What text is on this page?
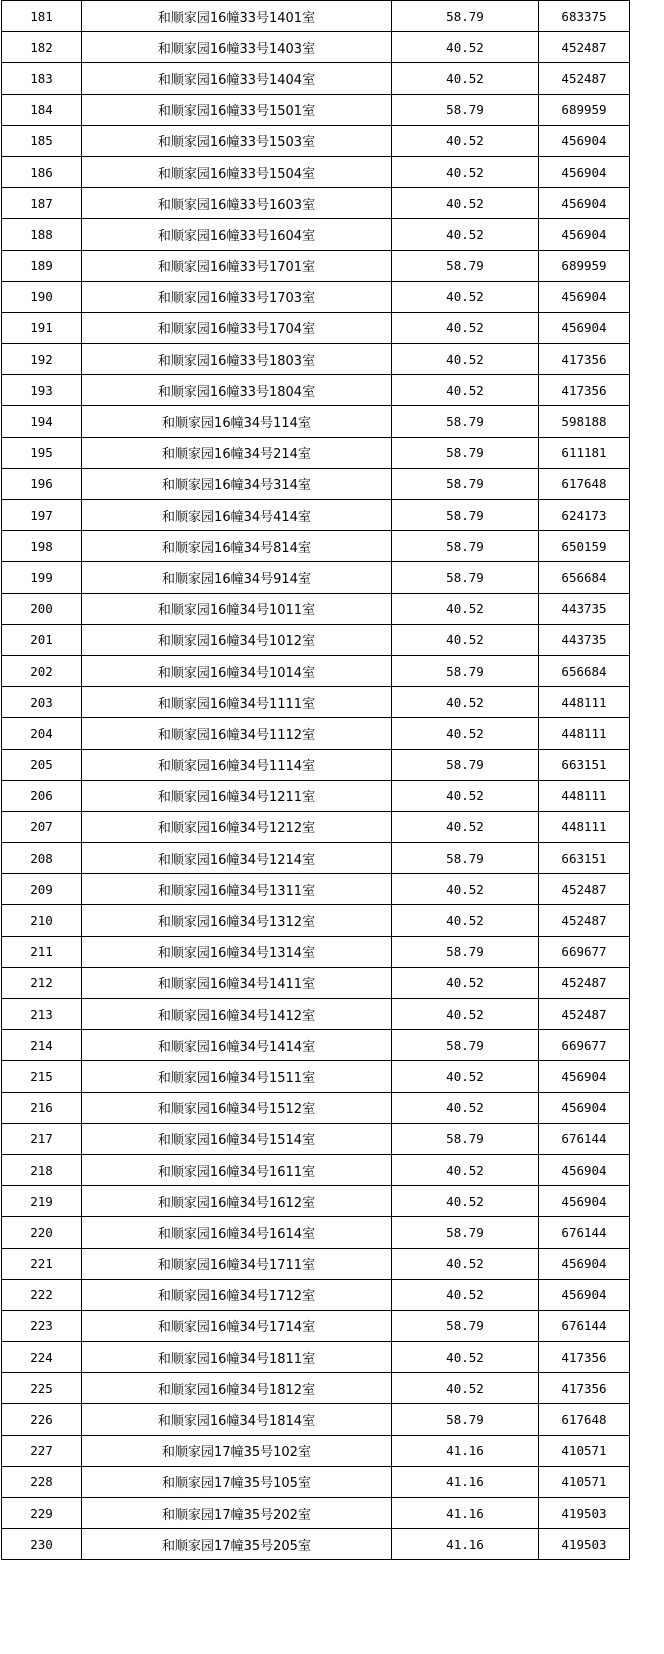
181	和顺家园16幢33号1401室	58.79	683375
182	和顺家园16幢33号1403室	40.52	452487
183	和顺家园16幢33号1404室	40.52	452487
184	和顺家园16幢33号1501室	58.79	689959
185	和顺家园16幢33号1503室	40.52	456904
186	和顺家园16幢33号1504室	40.52	456904
187	和顺家园16幢33号1603室	40.52	456904
188	和顺家园16幢33号1604室	40.52	456904
189	和顺家园16幢33号1701室	58.79	689959
190	和顺家园16幢33号1703室	40.52	456904
191	和顺家园16幢33号1704室	40.52	456904
192	和顺家园16幢33号1803室	40.52	417356
193	和顺家园16幢33号1804室	40.52	417356
194	和顺家园16幢34号114室	58.79	598188
195	和顺家园16幢34号214室	58.79	611181
196	和顺家园16幢34号314室	58.79	617648
197	和顺家园16幢34号414室	58.79	624173
198	和顺家园16幢34号814室	58.79	650159
199	和顺家园16幢34号914室	58.79	656684
200	和顺家园16幢34号1011室	40.52	443735
201	和顺家园16幢34号1012室	40.52	443735
202	和顺家园16幢34号1014室	58.79	656684
203	和顺家园16幢34号1111室	40.52	448111
204	和顺家园16幢34号1112室	40.52	448111
205	和顺家园16幢34号1114室	58.79	663151
206	和顺家园16幢34号1211室	40.52	448111
207	和顺家园16幢34号1212室	40.52	448111
208	和顺家园16幢34号1214室	58.79	663151
209	和顺家园16幢34号1311室	40.52	452487
210	和顺家园16幢34号1312室	40.52	452487
211	和顺家园16幢34号1314室	58.79	669677
212	和顺家园16幢34号1411室	40.52	452487
213	和顺家园16幢34号1412室	40.52	452487
214	和顺家园16幢34号1414室	58.79	669677
215	和顺家园16幢34号1511室	40.52	456904
216	和顺家园16幢34号1512室	40.52	456904
217	和顺家园16幢34号1514室	58.79	676144
218	和顺家园16幢34号1611室	40.52	456904
219	和顺家园16幢34号1612室	40.52	456904
220	和顺家园16幢34号1614室	58.79	676144
221	和顺家园16幢34号1711室	40.52	456904
222	和顺家园16幢34号1712室	40.52	456904
223	和顺家园16幢34号1714室	58.79	676144
224	和顺家园16幢34号1811室	40.52	417356
225	和顺家园16幢34号1812室	40.52	417356
226	和顺家园16幢34号1814室	58.79	617648
227	和顺家园17幢35号102室	41.16	410571
228	和顺家园17幢35号105室	41.16	410571
229	和顺家园17幢35号202室	41.16	419503
230	和顺家园17幢35号205室	41.16	419503
